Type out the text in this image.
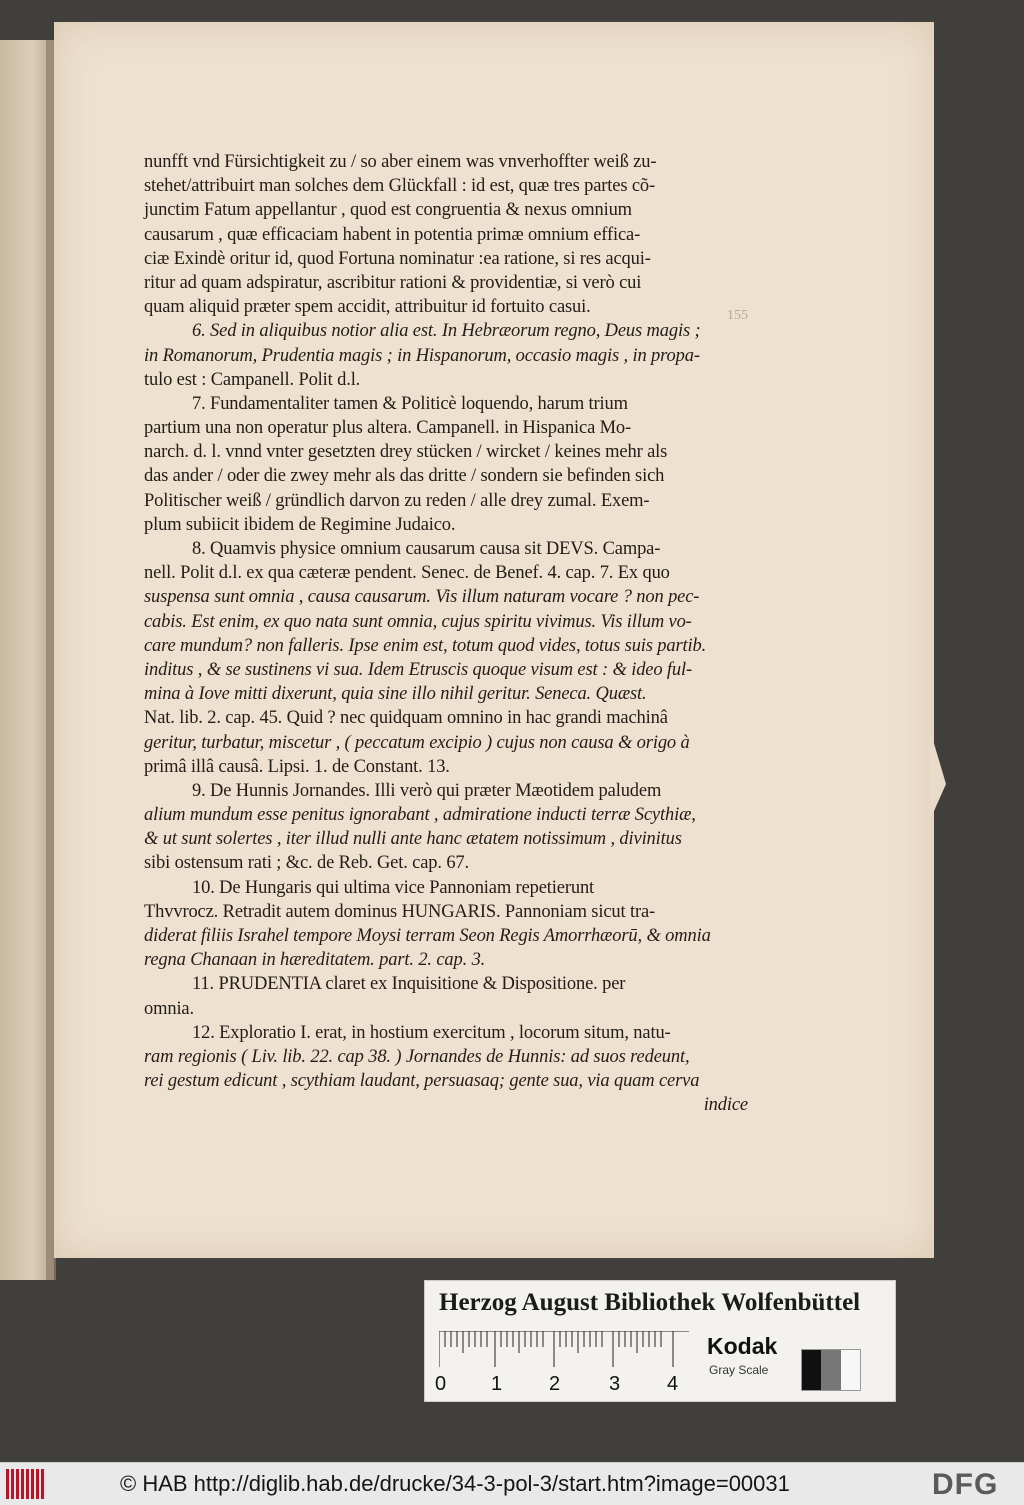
nunfft vnd Fürsichtigkeit zu / so aber einem was vnverhoffter weiß zu-
stehet/attribuirt man solches dem Glückfall : id est, quæ tres partes cõ-
junctim Fatum appellantur , quod est congruentia & nexus omnium
causarum , quæ efficaciam habent in potentia primæ omnium effica-
ciæ Exindè oritur id, quod Fortuna nominatur :ea ratione, si res acqui-
ritur ad quam adspiratur, ascribitur rationi & providentiæ, si verò cui
quam aliquid præter spem accidit, attribuitur id fortuito casui.
6. Sed in aliquibus notior alia est. In Hebræorum regno, Deus magis ;
in Romanorum, Prudentia magis ; in Hispanorum, occasio magis , in propa-
tulo est : Campanell. Polit d.l.
7. Fundamentaliter tamen & Politicè loquendo, harum trium
partium una non operatur plus altera. Campanell. in Hispanica Mo-
narch. d. l. vnnd vnter gesetzten drey stücken / wircket / keines mehr als
das ander / oder die zwey mehr als das dritte / sondern sie befinden sich
Politischer weiß / gründlich darvon zu reden / alle drey zumal. Exem-
plum subiicit ibidem de Regimine Judaico.
8. Quamvis physice omnium causarum causa sit DEVS. Campa-
nell. Polit d.l. ex qua cæteræ pendent. Senec. de Benef. 4. cap. 7. Ex quo
suspensa sunt omnia , causa causarum. Vis illum naturam vocare ? non pec-
cabis. Est enim, ex quo nata sunt omnia, cujus spiritu vivimus. Vis illum vo-
care mundum? non falleris. Ipse enim est, totum quod vides, totus suis partib.
inditus , & se sustinens vi sua. Idem Etruscis quoque visum est : & ideo ful-
mina à Iove mitti dixerunt, quia sine illo nihil geritur. Seneca. Quæst.
Nat. lib. 2. cap. 45. Quid ? nec quidquam omnino in hac grandi machinâ
geritur, turbatur, miscetur , ( peccatum excipio ) cujus non causa & origo à
primâ illâ causâ. Lipsi. 1. de Constant. 13.
9. De Hunnis Jornandes. Illi verò qui præter Mæotidem paludem
alium mundum esse penitus ignorabant , admiratione inducti terræ Scythiæ,
& ut sunt solertes , iter illud nulli ante hanc ætatem notissimum , divinitus
sibi ostensum rati ; &c. de Reb. Get. cap. 67.
10. De Hungaris qui ultima vice Pannoniam repetierunt
Thvvrocz. Retradit autem dominus HUNGARIS. Pannoniam sicut tra-
diderat filiis Israhel tempore Moysi terram Seon Regis Amorrhæorū, & omnia
regna Chanaan in hæreditatem. part. 2. cap. 3.
11. PRUDENTIA claret ex Inquisitione & Dispositione. per
omnia.
12. Exploratio I. erat, in hostium exercitum , locorum situm, natu-
ram regionis ( Liv. lib. 22. cap 38. ) Jornandes de Hunnis: ad suos redeunt,
rei gestum edicunt , scythiam laudant, persuasaq; gente sua, via quam cerva
indice
155
Herzog August Bibliothek Wolfenbüttel
0 1 2 3 4
Kodak
Gray Scale
© HAB http://diglib.hab.de/drucke/34-3-pol-3/start.htm?image=00031	DFG
